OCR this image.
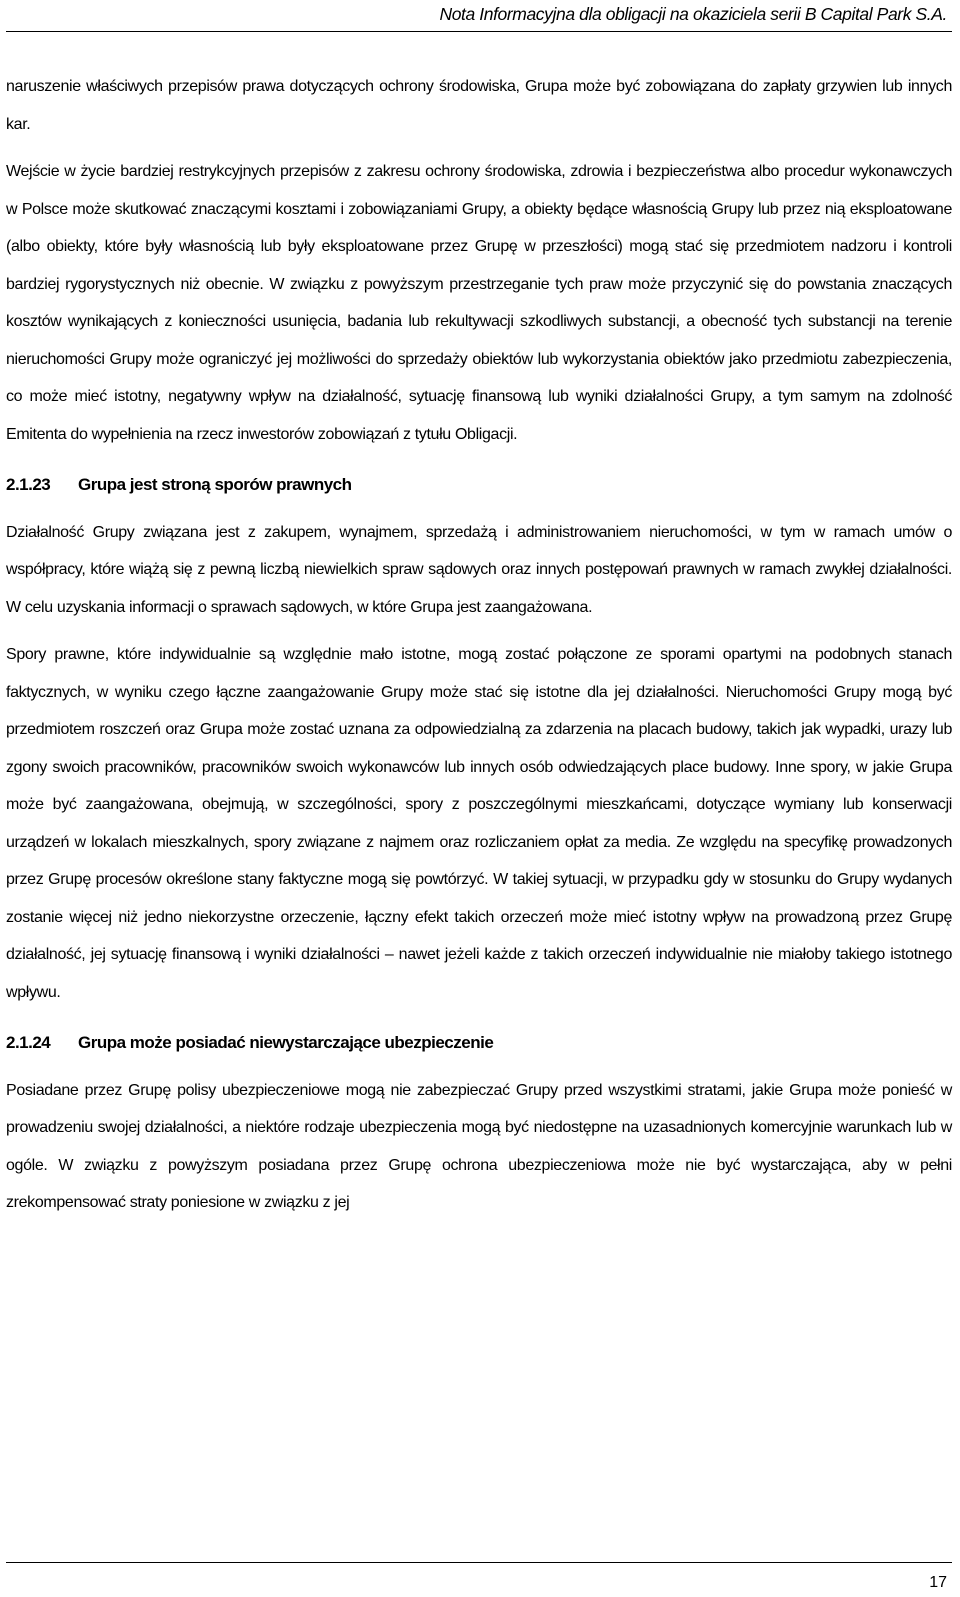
Nota Informacyjna dla obligacji na okaziciela serii B Capital Park S.A.

naruszenie właściwych przepisów prawa dotyczących ochrony środowiska, Grupa może być zobowiązana do zapłaty grzywien lub innych kar.

Wejście w życie bardziej restrykcyjnych przepisów z zakresu ochrony środowiska, zdrowia i bezpieczeństwa albo procedur wykonawczych w Polsce może skutkować znaczącymi kosztami i zobowiązaniami Grupy, a obiekty będące własnością Grupy lub przez nią eksploatowane (albo obiekty, które były własnością lub były eksploatowane przez Grupę w przeszłości) mogą stać się przedmiotem nadzoru i kontroli bardziej rygorystycznych niż obecnie. W związku z powyższym przestrzeganie tych praw może przyczynić się do powstania znaczących kosztów wynikających z konieczności usunięcia, badania lub rekultywacji szkodliwych substancji, a obecność tych substancji na terenie nieruchomości Grupy może ograniczyć jej możliwości do sprzedaży obiektów lub wykorzystania obiektów jako przedmiotu zabezpieczenia, co może mieć istotny, negatywny wpływ na działalność, sytuację finansową lub wyniki działalności Grupy, a tym samym na zdolność Emitenta do wypełnienia na rzecz inwestorów zobowiązań z tytułu Obligacji.

2.1.23 Grupa jest stroną sporów prawnych

Działalność Grupy związana jest z zakupem, wynajmem, sprzedażą i administrowaniem nieruchomości, w tym w ramach umów o współpracy, które wiążą się z pewną liczbą niewielkich spraw sądowych oraz innych postępowań prawnych w ramach zwykłej działalności. W celu uzyskania informacji o sprawach sądowych, w które Grupa jest zaangażowana.

Spory prawne, które indywidualnie są względnie mało istotne, mogą zostać połączone ze sporami opartymi na podobnych stanach faktycznych, w wyniku czego łączne zaangażowanie Grupy może stać się istotne dla jej działalności. Nieruchomości Grupy mogą być przedmiotem roszczeń oraz Grupa może zostać uznana za odpowiedzialną za zdarzenia na placach budowy, takich jak wypadki, urazy lub zgony swoich pracowników, pracowników swoich wykonawców lub innych osób odwiedzających place budowy. Inne spory, w jakie Grupa może być zaangażowana, obejmują, w szczególności, spory z poszczególnymi mieszkańcami, dotyczące wymiany lub konserwacji urządzeń w lokalach mieszkalnych, spory związane z najmem oraz rozliczaniem opłat za media. Ze względu na specyfikę prowadzonych przez Grupę procesów określone stany faktyczne mogą się powtórzyć. W takiej sytuacji, w przypadku gdy w stosunku do Grupy wydanych zostanie więcej niż jedno niekorzystne orzeczenie, łączny efekt takich orzeczeń może mieć istotny wpływ na prowadzoną przez Grupę działalność, jej sytuację finansową i wyniki działalności – nawet jeżeli każde z takich orzeczeń indywidualnie nie miałoby takiego istotnego wpływu.

2.1.24 Grupa może posiadać niewystarczające ubezpieczenie

Posiadane przez Grupę polisy ubezpieczeniowe mogą nie zabezpieczać Grupy przed wszystkimi stratami, jakie Grupa może ponieść w prowadzeniu swojej działalności, a niektóre rodzaje ubezpieczenia mogą być niedostępne na uzasadnionych komercyjnie warunkach lub w ogóle. W związku z powyższym posiadana przez Grupę ochrona ubezpieczeniowa może nie być wystarczająca, aby w pełni zrekompensować straty poniesione w związku z jej

17
